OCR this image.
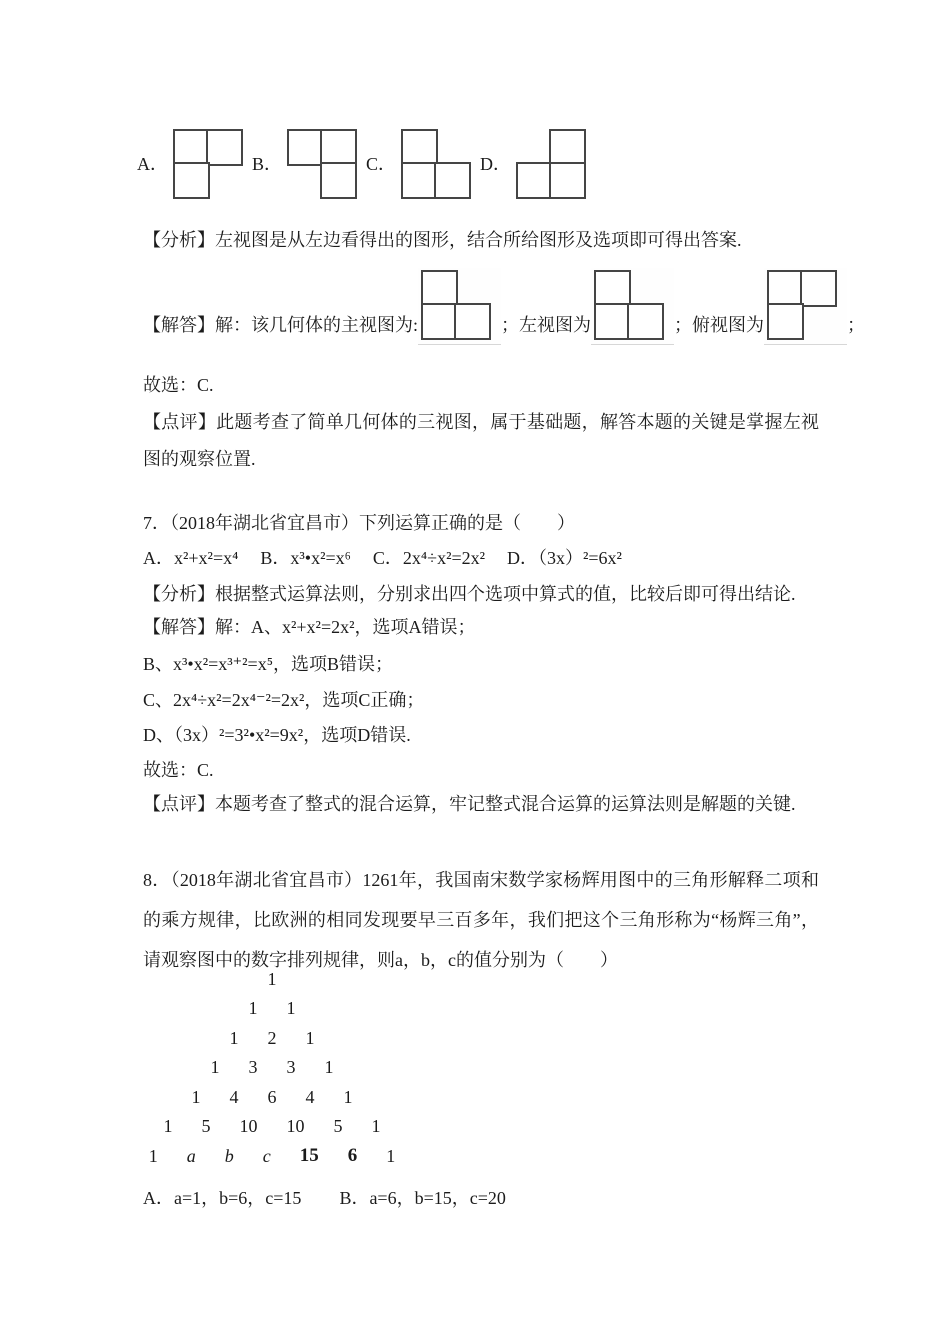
A．	B．	C．	D．
【分析】左视图是从左边看得出的图形，结合所给图形及选项即可得出答案.
【解答】解：该几何体的主视图为:	；左视图为	；俯视图为	；
故选：C.
【点评】此题考查了简单几何体的三视图，属于基础题，解答本题的关键是掌握左视图的观察位置.
7．（2018年湖北省宜昌市）下列运算正确的是（　　）
A．x²+x²=x⁴ B．x³•x²=x⁶ C．2x⁴÷x²=2x² D．（3x）²=6x²
【分析】根据整式运算法则，分别求出四个选项中算式的值，比较后即可得出结论.
【解答】解：A、x²+x²=2x²，选项A错误；
B、x³•x²=x³⁺²=x⁵，选项B错误；
C、2x⁴÷x²=2x⁴⁻²=2x²，选项C正确；
D、（3x）²=3²•x²=9x²，选项D错误.
故选：C.
【点评】本题考查了整式的混合运算，牢记整式混合运算的运算法则是解题的关键.
8．（2018年湖北省宜昌市）1261年，我国南宋数学家杨辉用图中的三角形解释二项和的乘方规律，比欧洲的相同发现要早三百多年，我们把这个三角形称为“杨辉三角”，请观察图中的数字排列规律，则a，b，c的值分别为（　　）
1
1 1
1 2 1
1 3 3 1
1 4 6 4 1
1 5 10 10 5 1
1 a b c 15 6 1
A．a=1，b=6，c=15 B．a=6，b=15，c=20
